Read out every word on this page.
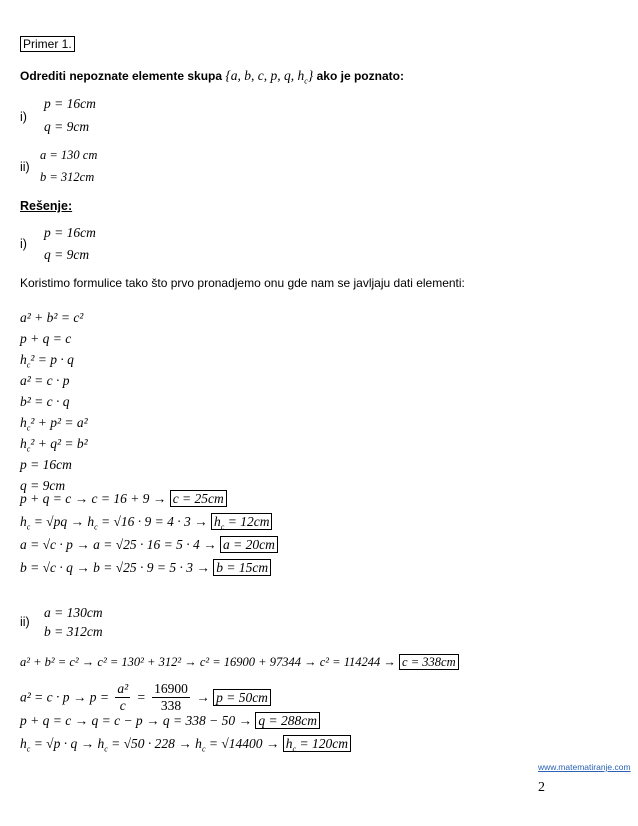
Primer 1.
Odrediti nepoznate elemente skupa {a, b, c, p, q, $h_c$} ako je poznato:
i)
p = 16cm
q = 9cm
ii)
a = 130 cm
b = 312cm
Rešenje:
i)
p = 16cm
q = 9cm
Koristimo formulice tako što prvo pronadjemo onu gde nam se javljaju dati elementi:
a² + b² = c²
p + q = c
$h_c^2 = p \cdot q$
a² = c · p
b² = c · q
$h_c^2 + p^2 = a^2$
$h_c^2 + q^2 = b^2$
p = 16cm
q = 9cm
p + q = c → c = 16 + 9 → c = 25cm
$h_c = √pq \to h_c = √16 \cdot 9 = 4 \cdot 3 \to h_c = 12cm$
a = √c · p → a = √25 · 16 = 5 · 4 → a = 20cm
b = √c · q → b = √25 · 9 = 5 · 3 → b = 15cm
ii)
a = 130cm
b = 312cm
a² + b² = c² → c² = 130² + 312² → c² = 16900 + 97344 → c² = 114244 → c = 338cm
$a^2 = c \cdot p \to p = \frac{\text{a²}}{c} = \frac{16900}{338} \to p = 50cm$
p + q = c → q = c − p → q = 338 − 50 → q = 288cm
$h_c = √p \cdot q \to h_c = √50 \cdot 228 \to h_c = √14400 \to h_c = 120cm$
www.matematiranje.com
2
